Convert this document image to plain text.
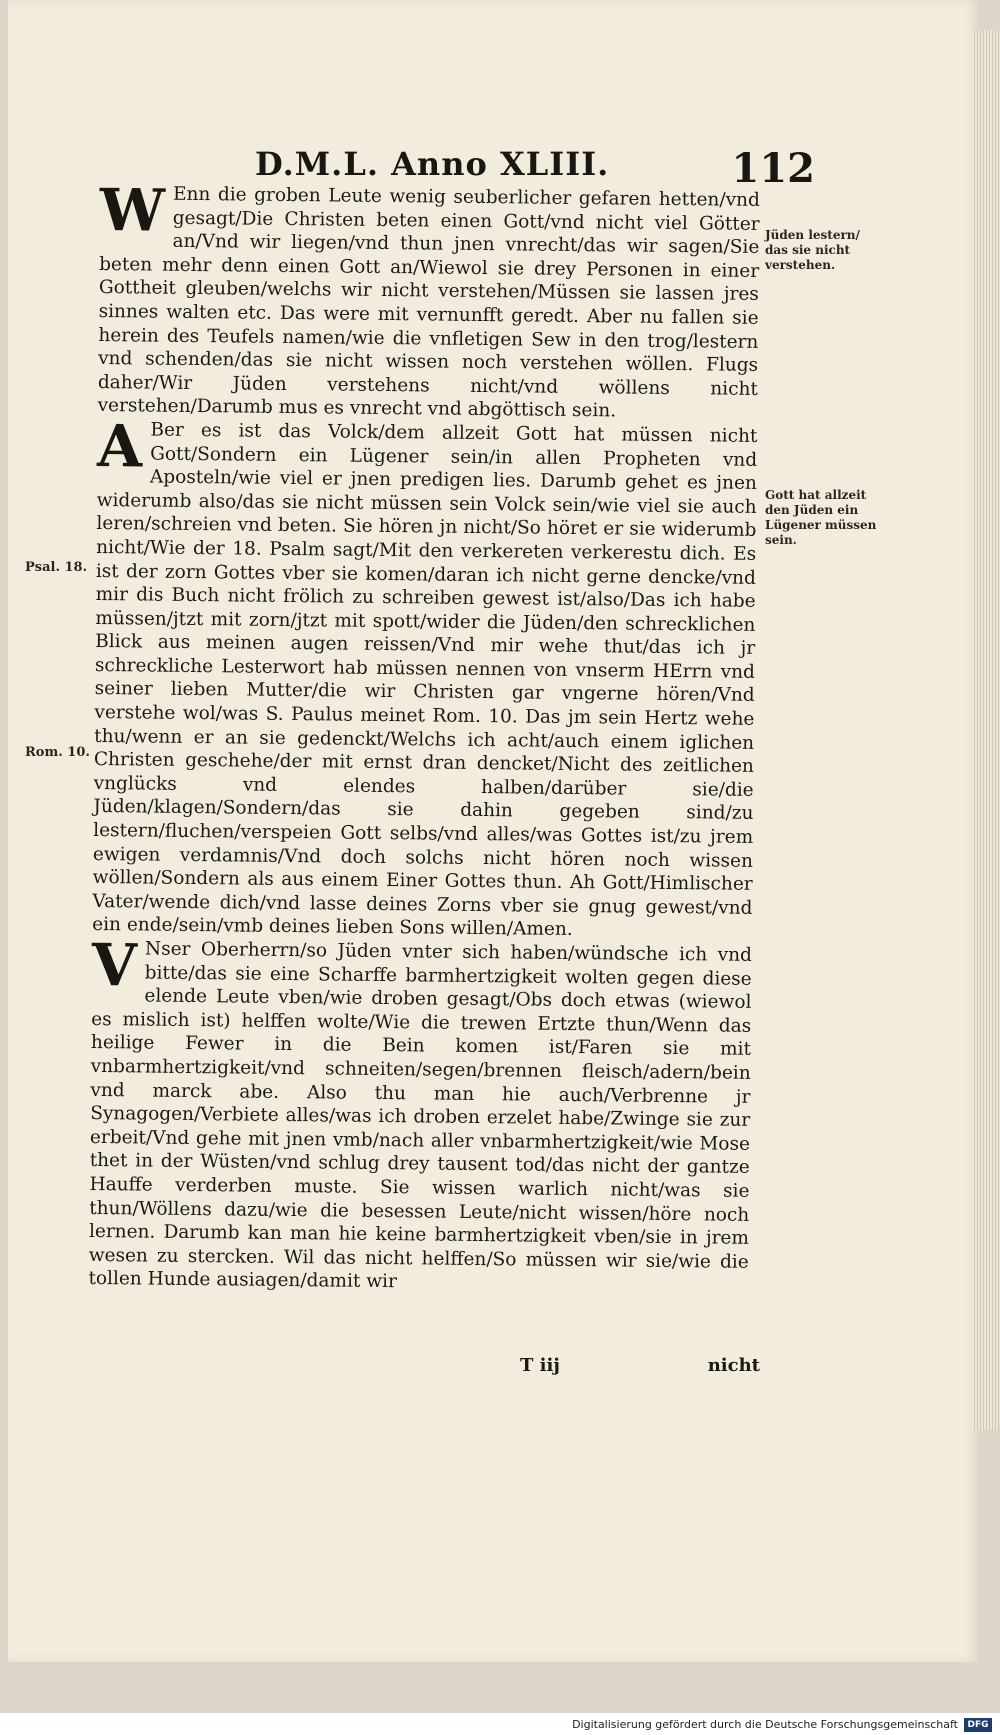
D.M.L. Anno XLIII.	112

W Enn die groben Leute wenig seuberlicher gefaren hetten/vnd gesagt/Die Christen beten einen Gott/vnd nicht viel Götter an/Vnd wir liegen/vnd thun jnen vnrecht/das wir sagen/Sie beten mehr denn einen Gott an/Wiewol sie drey Personen in einer Gottheit gleuben/welchs wir nicht verstehen/Müssen sie lassen jres sinnes walten etc. Das were mit vernunfft geredt. Aber nu fallen sie herein des Teufels namen/wie die vnfletigen Sew in den trog/lestern vnd schenden/das sie nicht wissen noch verstehen wöllen. Flugs daher/Wir Jüden verstehens nicht/vnd wöllens nicht verstehen/Darumb mus es vnrecht vnd abgöttisch sein.

A Ber es ist das Volck/dem allzeit Gott hat müssen nicht Gott/Sondern ein Lügener sein/in allen Propheten vnd Aposteln/wie viel er jnen predigen lies. Darumb gehet es jnen widerumb also/das sie nicht müssen sein Volck sein/wie viel sie auch leren/schreien vnd beten. Sie hören jn nicht/So höret er sie widerumb nicht/Wie der 18. Psalm sagt/Mit den verkereten verkerestu dich. Es ist der zorn Gottes vber sie komen/daran ich nicht gerne dencke/vnd mir dis Buch nicht frölich zu schreiben gewest ist/also/Das ich habe müssen/jtzt mit zorn/jtzt mit spott/wider die Jüden/den schrecklichen Blick aus meinen augen reissen/Vnd mir wehe thut/das ich jr schreckliche Lesterwort hab müssen nennen von vnserm HErrn vnd seiner lieben Mutter/die wir Christen gar vngerne hören/Vnd verstehe wol/was S. Paulus meinet Rom. 10. Das jm sein Hertz wehe thu/wenn er an sie gedenckt/Welchs ich acht/auch einem iglichen Christen geschehe/der mit ernst dran dencket/Nicht des zeitlichen vnglücks vnd elendes halben/darüber sie/die Jüden/klagen/Sondern/das sie dahin gegeben sind/zu lestern/fluchen/verspeien Gott selbs/vnd alles/was Gottes ist/zu jrem ewigen verdamnis/Vnd doch solchs nicht hören noch wissen wöllen/Sondern als aus einem Einer Gottes thun. Ah Gott/Himlischer Vater/wende dich/vnd lasse deines Zorns vber sie gnug gewest/vnd ein ende/sein/vmb deines lieben Sons willen/Amen.

V Nser Oberherrn/so Jüden vnter sich haben/wündsche ich vnd bitte/das sie eine Scharffe barmhertzigkeit wolten gegen diese elende Leute vben/wie droben gesagt/Obs doch etwas (wiewol es mislich ist) helffen wolte/Wie die trewen Ertzte thun/Wenn das heilige Fewer in die Bein komen ist/Faren sie mit vnbarmhertzigkeit/vnd schneiten/segen/brennen fleisch/adern/bein vnd marck abe. Also thu man hie auch/Verbrenne jr Synagogen/Verbiete alles/was ich droben erzelet habe/Zwinge sie zur erbeit/Vnd gehe mit jnen vmb/nach aller vnbarmhertzigkeit/wie Mose thet in der Wüsten/vnd schlug drey tausent tod/das nicht der gantze Hauffe verderben muste. Sie wissen warlich nicht/was sie thun/Wöllens dazu/wie die besessen Leute/nicht wissen/höre noch lernen. Darumb kan man hie keine barmhertzigkeit vben/sie in jrem wesen zu stercken. Wil das nicht helffen/So müssen wir sie/wie die tollen Hunde ausiagen/damit wir

Jüden lestern/ das sie nicht verstehen.
Gott hat allzeit den Jüden ein Lügener müssen sein.
Psal. 18.
Rom. 10.
T iij	nicht
Digitalisierung gefördert durch die Deutsche Forschungsgemeinschaft	DFG
